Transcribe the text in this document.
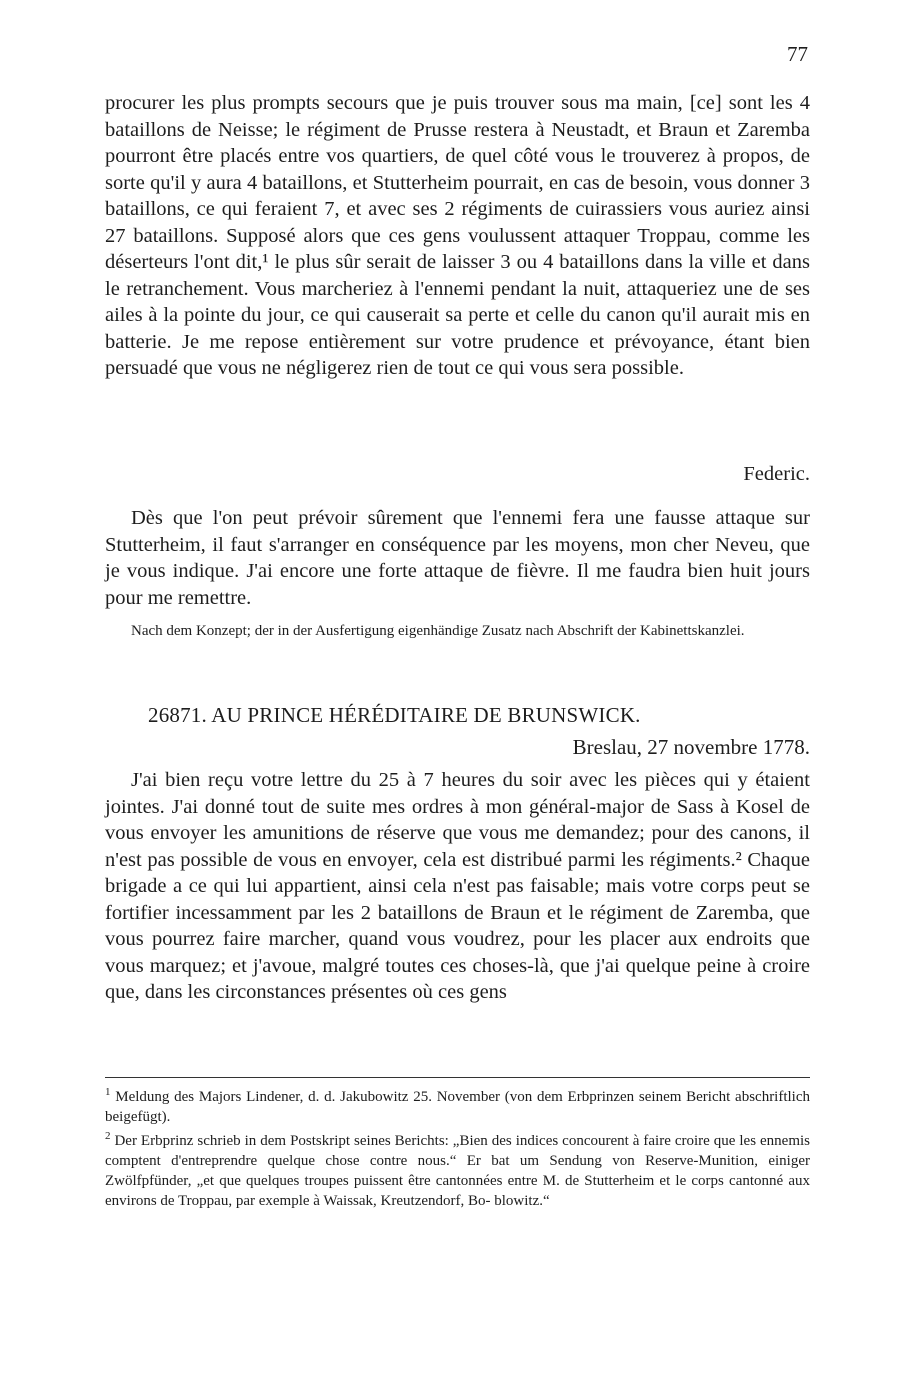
77

procurer les plus prompts secours que je puis trouver sous ma main, [ce] sont les 4 bataillons de Neisse; le régiment de Prusse restera à Neustadt, et Braun et Zaremba pourront être placés entre vos quartiers, de quel côté vous le trouverez à propos, de sorte qu'il y aura 4 bataillons, et Stutterheim pourrait, en cas de besoin, vous donner 3 bataillons, ce qui feraient 7, et avec ses 2 régiments de cuirassiers vous auriez ainsi 27 bataillons. Supposé alors que ces gens voulussent attaquer Troppau, comme les déserteurs l'ont dit,¹ le plus sûr serait de laisser 3 ou 4 bataillons dans la ville et dans le retranchement. Vous marcheriez à l'ennemi pendant la nuit, attaqueriez une de ses ailes à la pointe du jour, ce qui causerait sa perte et celle du canon qu'il aurait mis en batterie. Je me repose entièrement sur votre prudence et prévoyance, étant bien persuadé que vous ne négligerez rien de tout ce qui vous sera possible.

Federic.

Dès que l'on peut prévoir sûrement que l'ennemi fera une fausse attaque sur Stutterheim, il faut s'arranger en conséquence par les moyens, mon cher Neveu, que je vous indique. J'ai encore une forte attaque de fièvre. Il me faudra bien huit jours pour me remettre.

Nach dem Konzept; der in der Ausfertigung eigenhändige Zusatz nach Abschrift der Kabinettskanzlei.

26871. AU PRINCE HÉRÉDITAIRE DE BRUNSWICK.
Breslau, 27 novembre 1778.

J'ai bien reçu votre lettre du 25 à 7 heures du soir avec les pièces qui y étaient jointes. J'ai donné tout de suite mes ordres à mon général-major de Sass à Kosel de vous envoyer les amunitions de réserve que vous me demandez; pour des canons, il n'est pas possible de vous en envoyer, cela est distribué parmi les régiments.² Chaque brigade a ce qui lui appartient, ainsi cela n'est pas faisable; mais votre corps peut se fortifier incessamment par les 2 bataillons de Braun et le régiment de Zaremba, que vous pourrez faire marcher, quand vous voudrez, pour les placer aux endroits que vous marquez; et j'avoue, malgré toutes ces choses-là, que j'ai quelque peine à croire que, dans les circonstances présentes où ces gens

$^1$ Meldung des Majors Lindener, d. d. Jakubowitz 25. November (von dem Erbprinzen seinem Bericht abschriftlich beigefügt).

$^2$ Der Erbprinz schrieb in dem Postskript seines Berichts: „Bien des indices concourent à faire croire que les ennemis comptent d'entreprendre quelque chose contre nous.“ Er bat um Sendung von Reserve-Munition, einiger Zwölfpfünder, „et que quelques troupes puissent être cantonnées entre M. de Stutterheim et le corps cantonné aux environs de Troppau, par exemple à Waissak, Kreutzendorf, Bo- blowitz.“
